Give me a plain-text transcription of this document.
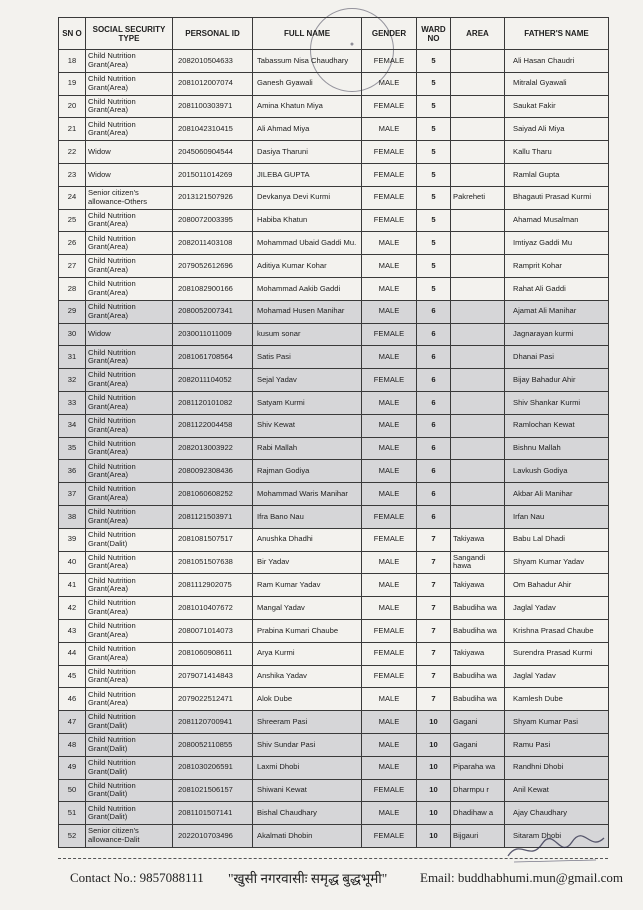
●
SN O	SOCIAL SECURITY TYPE	PERSONAL ID	FULL NAME	GENDER	WARD NO	AREA	FATHER'S NAME
18	Child Nutrition Grant(Area)	2082010504633	Tabassum Nisa Chaudhary	FEMALE	5		Ali Hasan Chaudri
19	Child Nutrition Grant(Area)	2081012007074	Ganesh Gyawali	MALE	5		Mitralal Gyawali
20	Child Nutrition Grant(Area)	2081100303971	Amina Khatun Miya	FEMALE	5		Saukat Fakir
21	Child Nutrition Grant(Area)	2081042310415	Ali Ahmad Miya	MALE	5		Saiyad Ali Miya
22	Widow	2045060904544	Dasiya Tharuni	FEMALE	5		Kallu Tharu
23	Widow	2015011014269	JILEBA GUPTA	FEMALE	5		Ramlal Gupta
24	Senior citizen's allowance-Others	2013121507926	Devkanya Devi Kurmi	FEMALE	5	Pakreheti	Bhagauti Prasad Kurmi
25	Child Nutrition Grant(Area)	2080072003395	Habiba Khatun	FEMALE	5		Ahamad Musalman
26	Child Nutrition Grant(Area)	2082011403108	Mohammad Ubaid Gaddi Mu.	MALE	5		Imtiyaz Gaddi Mu
27	Child Nutrition Grant(Area)	2079052612696	Aditiya Kumar Kohar	MALE	5		Ramprit Kohar
28	Child Nutrition Grant(Area)	2081082900166	Mohammad Aakib Gaddi	MALE	5		Rahat Ali Gaddi
29	Child Nutrition Grant(Area)	2080052007341	Mohamad Husen Manihar	MALE	6		Ajamat Ali Manihar
30	Widow	2030011011009	kusum sonar	FEMALE	6		Jagnarayan kurmi
31	Child Nutrition Grant(Area)	2081061708564	Satis Pasi	MALE	6		Dhanai Pasi
32	Child Nutrition Grant(Area)	2082011104052	Sejal Yadav	FEMALE	6		Bijay Bahadur Ahir
33	Child Nutrition Grant(Area)	2081120101082	Satyam Kurmi	MALE	6		Shiv Shankar Kurmi
34	Child Nutrition Grant(Area)	2081122004458	Shiv Kewat	MALE	6		Ramlochan Kewat
35	Child Nutrition Grant(Area)	2082013003922	Rabi Mallah	MALE	6		Bishnu Mallah
36	Child Nutrition Grant(Area)	2080092308436	Rajman Godiya	MALE	6		Lavkush Godiya
37	Child Nutrition Grant(Area)	2081060608252	Mohammad Waris Manihar	MALE	6		Akbar Ali Manihar
38	Child Nutrition Grant(Area)	2081121503971	Ifra Bano Nau	FEMALE	6		Irfan Nau
39	Child Nutrition Grant(Dalit)	2081081507517	Anushka Dhadhi	FEMALE	7	Takiyawa	Babu Lal Dhadi
40	Child Nutrition Grant(Area)	2081051507638	Bir Yadav	MALE	7	Sangandi hawa	Shyam Kumar Yadav
41	Child Nutrition Grant(Area)	2081112902075	Ram Kumar Yadav	MALE	7	Takiyawa	Om Bahadur Ahir
42	Child Nutrition Grant(Area)	2081010407672	Mangal Yadav	MALE	7	Babudiha wa	Jaglal Yadav
43	Child Nutrition Grant(Area)	2080071014073	Prabina Kumari Chaube	FEMALE	7	Babudiha wa	Krishna Prasad Chaube
44	Child Nutrition Grant(Area)	2081060908611	Arya Kurmi	FEMALE	7	Takiyawa	Surendra Prasad Kurmi
45	Child Nutrition Grant(Area)	2079071414843	Anshika Yadav	FEMALE	7	Babudiha wa	Jaglal Yadav
46	Child Nutrition Grant(Area)	2079022512471	Alok Dube	MALE	7	Babudiha wa	Kamlesh Dube
47	Child Nutrition Grant(Dalit)	2081120700941	Shreeram Pasi	MALE	10	Gagani	Shyam Kumar Pasi
48	Child Nutrition Grant(Dalit)	2080052110855	Shiv Sundar Pasi	MALE	10	Gagani	Ramu Pasi
49	Child Nutrition Grant(Dalit)	2081030206591	Laxmi Dhobi	MALE	10	Piparaha wa	Randhni Dhobi
50	Child Nutrition Grant(Dalit)	2081021506157	Shiwani Kewat	FEMALE	10	Dharmpu r	Anil Kewat
51	Child Nutrition Grant(Dalit)	2081101507141	Bishal Chaudhary	MALE	10	Dhadihaw a	Ajay Chaudhary
52	Senior citizen's allowance-Dalit	2022010703496	Akalmati Dhobin	FEMALE	10	Bijgauri	Sitaram Dhobi
Contact No.: 9857088111 "खुसी नगरवासीः समृद्ध बुद्धभूमी"	Email: buddhabhumi.mun@gmail.com
